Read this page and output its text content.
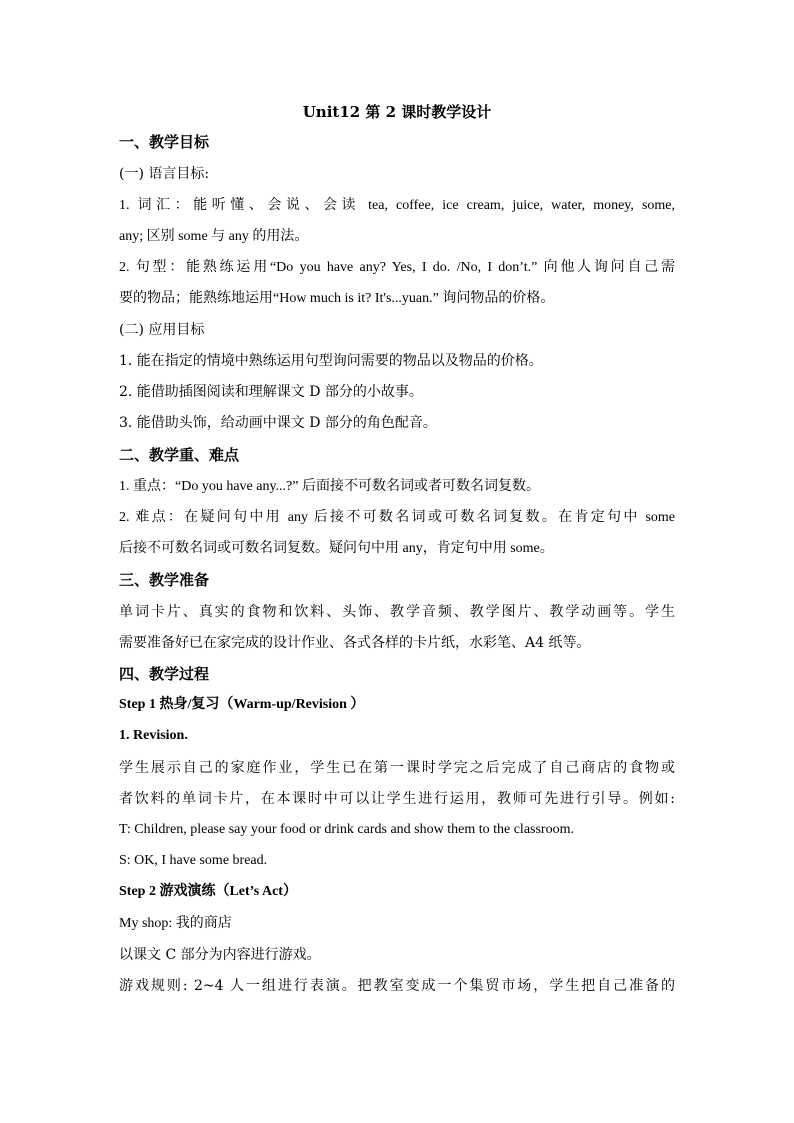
Unit12 第 2 课时教学设计
一、教学目标
(一) 语言目标:
1. 词汇：能听懂、会说、会读 tea, coffee, ice cream, juice, water, money, some,
any; 区别 some 与 any 的用法。
2. 句型：能熟练运用“Do you have any? Yes, I do. /No, I don’t.” 向他人询问自己需
要的物品；能熟练地运用“How much is it? It's...yuan.” 询问物品的价格。
(二) 应用目标
1. 能在指定的情境中熟练运用句型询问需要的物品以及物品的价格。
2. 能借助插图阅读和理解课文 D 部分的小故事。
3. 能借助头饰，给动画中课文 D 部分的角色配音。
二、教学重、难点
1. 重点：“Do you have any...?” 后面接不可数名词或者可数名词复数。
2. 难点：在疑问句中用 any 后接不可数名词或可数名词复数。在肯定句中 some
后接不可数名词或可数名词复数。疑问句中用 any，肯定句中用 some。
三、教学准备
单词卡片、真实的食物和饮料、头饰、教学音频、教学图片、教学动画等。学生
需要准备好已在家完成的设计作业、各式各样的卡片纸，水彩笔、A4 纸等。
四、教学过程
Step 1 热身/复习（Warm-up/Revision ）
1. Revision.
学生展示自己的家庭作业，学生已在第一课时学完之后完成了自己商店的食物或
者饮料的单词卡片，在本课时中可以让学生进行运用，教师可先进行引导。例如:
T: Children, please say your food or drink cards and show them to the classroom.
S: OK, I have some bread.
Step 2 游戏演练（Let’s Act）
My shop: 我的商店
以课文 C 部分为内容进行游戏。
游戏规则: 2~4 人一组进行表演。把教室变成一个集贸市场，学生把自己准备的
